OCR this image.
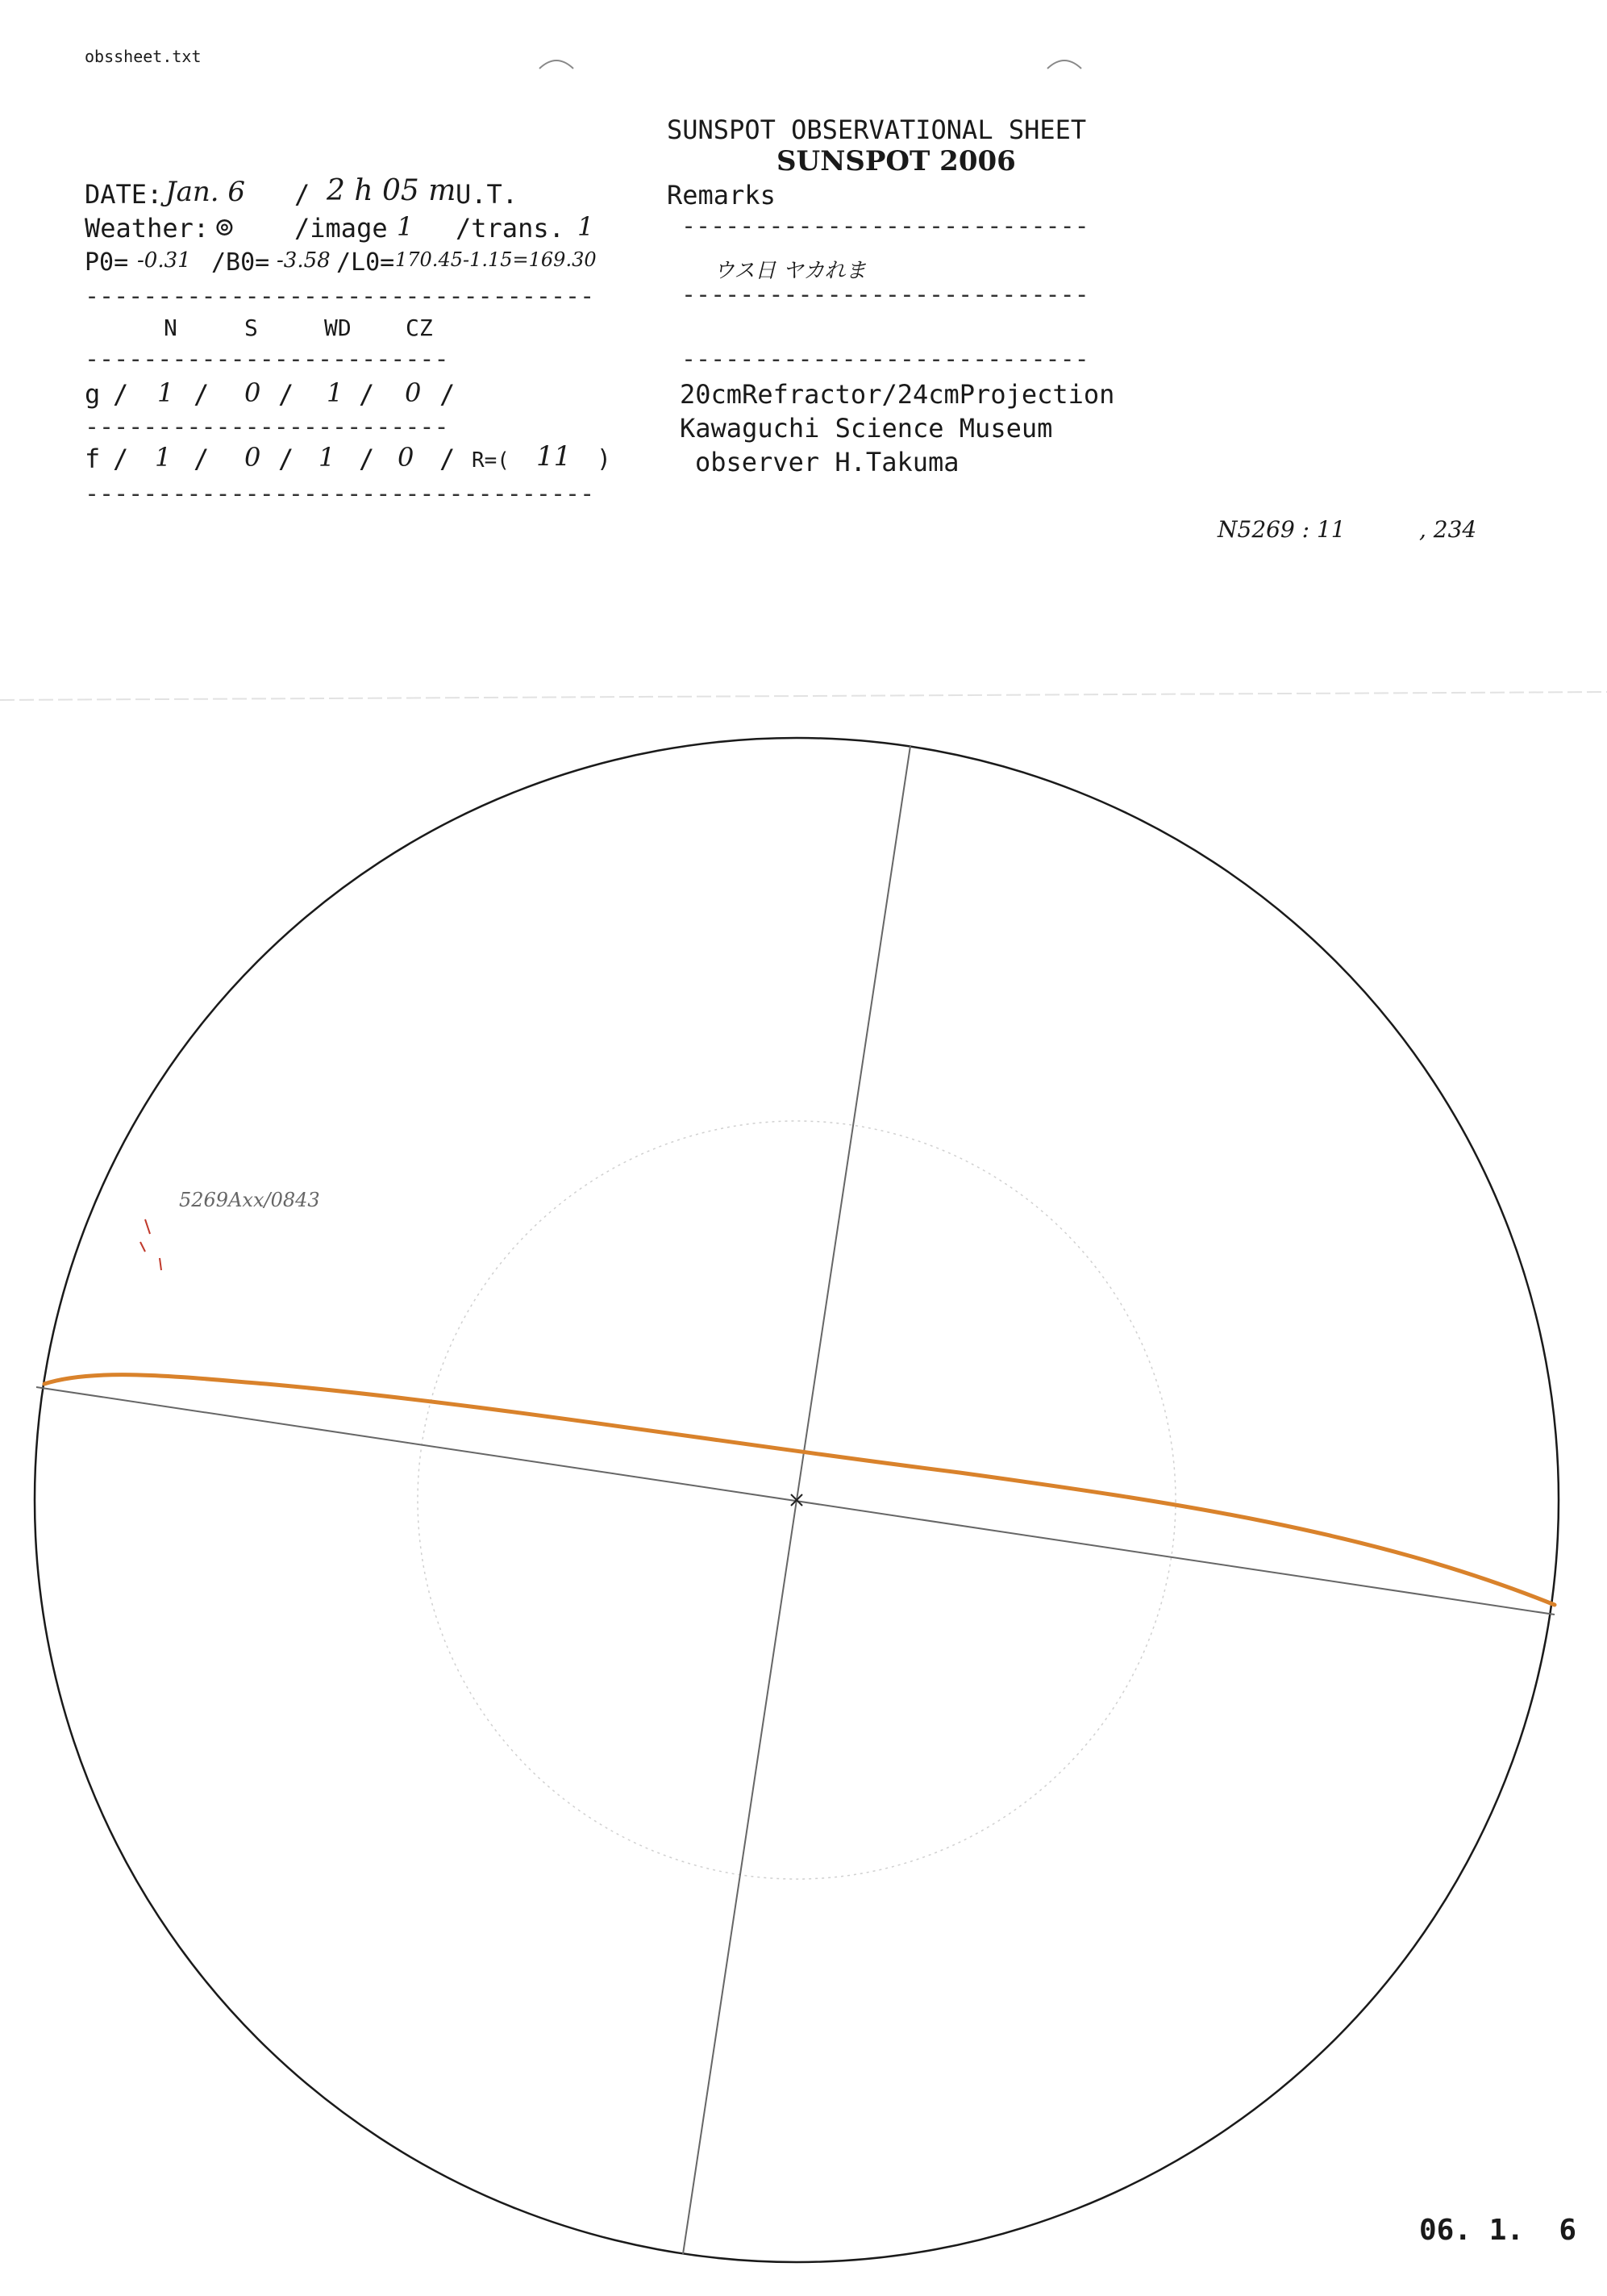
obssheet.txt
SUNSPOT OBSERVATIONAL SHEET
SUNSPOT 2006
Remarks
----------------------------
ウス日 ヤカれま
----------------------------
----------------------------
20cmRefractor/24cmProjection
Kawaguchi Science Museum
observer H.Takuma
DATE: Jan. 6 / 2 h 05 m U.T.
Weather: ⊚ /image 1 /trans. 1
P0= -0.31 /B0= -3.58 /L0= 170.45-1.15=169.30
-----------------------------------
N	S	WD CZ
-------------------------
g / 1 / 0 / 1 / 0 /
-------------------------
f / 1 / 0 / 1 / 0 / R=( 11 )
-----------------------------------
N5269 : 11	, 234
5269Axx/0843
06. 1.  6
